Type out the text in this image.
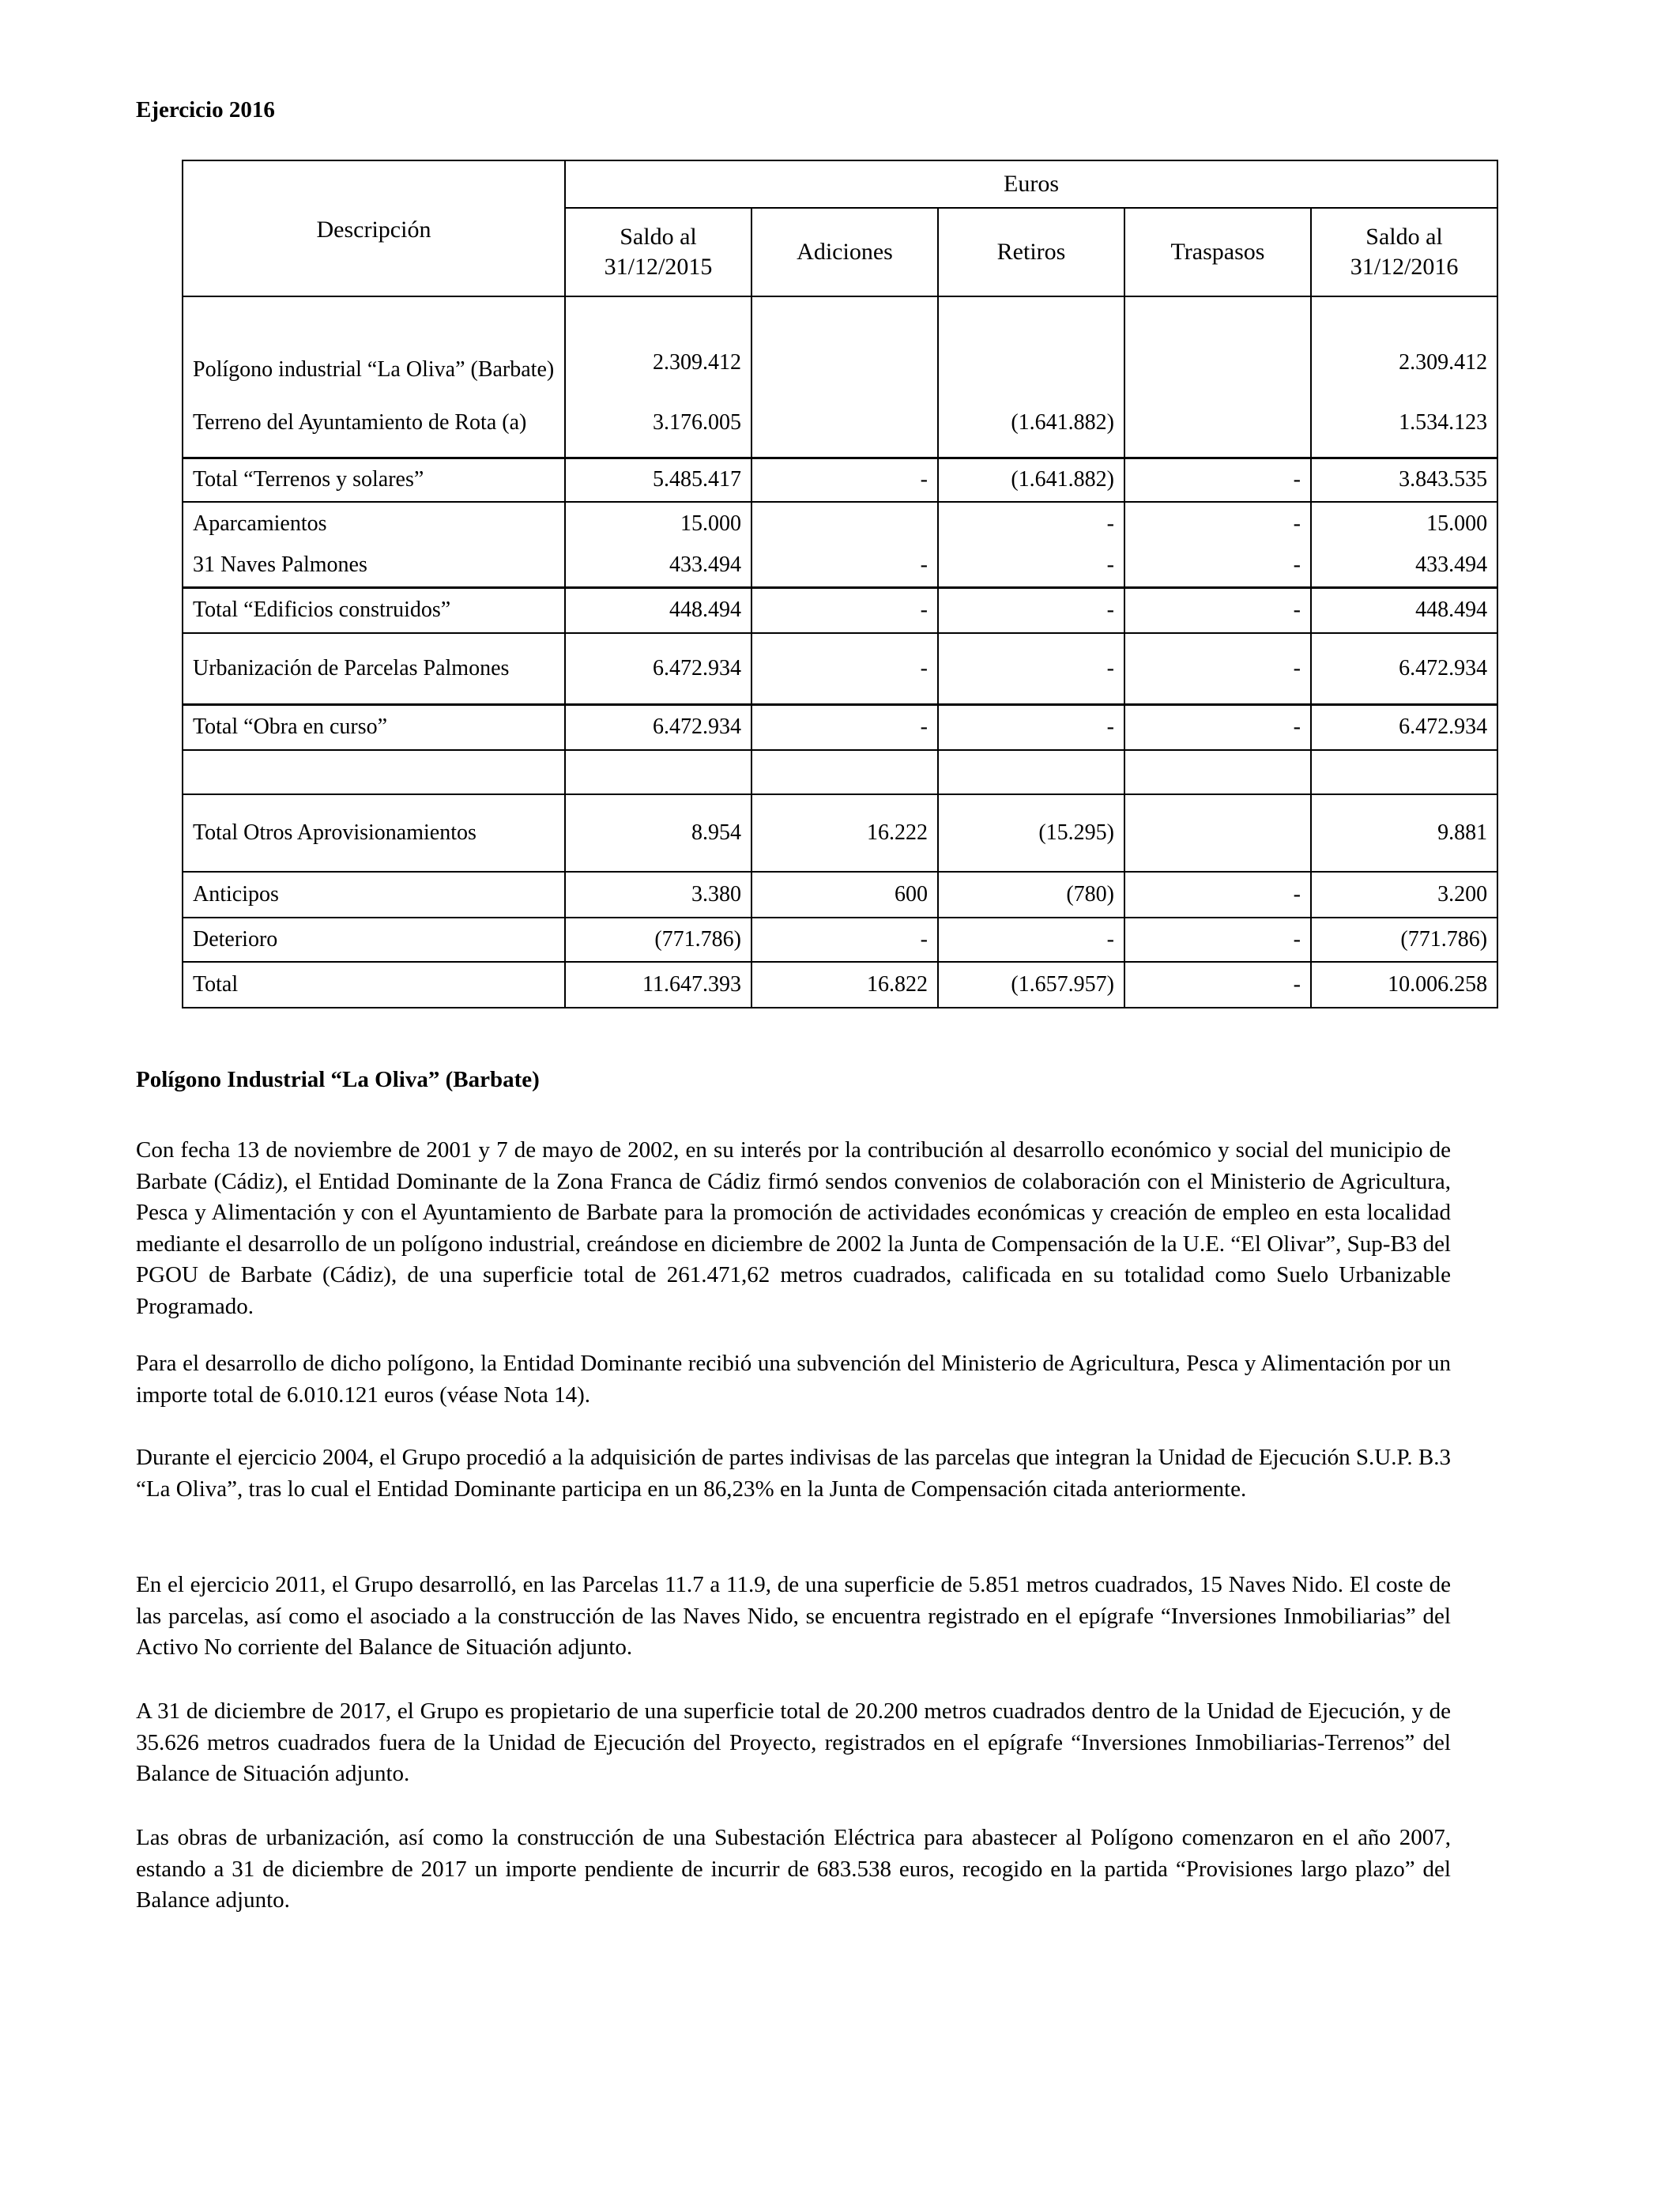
Ejercicio 2016
Descripción	Euros				
	Saldo al 31/12/2015	Adiciones	Retiros	Traspasos	Saldo al 31/12/2016
Polígono industrial “La Oliva” (Barbate)	2.309.412				2.309.412
Terreno del Ayuntamiento de Rota (a)	3.176.005		(1.641.882)		1.534.123
Total “Terrenos y solares”	5.485.417	-	(1.641.882)	-	3.843.535
Aparcamientos	15.000		-	-	15.000
31 Naves Palmones	433.494	-	-	-	433.494
Total “Edificios construidos”	448.494	-	-	-	448.494
Urbanización de Parcelas Palmones	6.472.934	-	-	-	6.472.934
Total “Obra en curso”	6.472.934	-	-	-	6.472.934

Total Otros Aprovisionamientos	8.954	16.222	(15.295)		9.881
Anticipos	3.380	600	(780)	-	3.200
Deterioro	(771.786)	-	-	-	(771.786)
Total	11.647.393	16.822	(1.657.957)	-	10.006.258
Polígono Industrial “La Oliva” (Barbate)

Con fecha 13 de noviembre de 2001 y 7 de mayo de 2002, en su interés por la contribución al desarrollo económico y social del municipio de Barbate (Cádiz), el Entidad Dominante de la Zona Franca de Cádiz firmó sendos convenios de colaboración con el Ministerio de Agricultura, Pesca y Alimentación y con el Ayuntamiento de Barbate para la promoción de actividades económicas y creación de empleo en esta localidad mediante el desarrollo de un polígono industrial, creándose en diciembre de 2002 la Junta de Compensación de la U.E. “El Olivar”, Sup-B3 del PGOU de Barbate (Cádiz), de una superficie total de 261.471,62 metros cuadrados, calificada en su totalidad como Suelo Urbanizable Programado.

Para el desarrollo de dicho polígono, la Entidad Dominante recibió una subvención del Ministerio de Agricultura, Pesca y Alimentación por un importe total de 6.010.121 euros (véase Nota 14).

Durante el ejercicio 2004, el Grupo procedió a la adquisición de partes indivisas de las parcelas que integran la Unidad de Ejecución S.U.P. B.3 “La Oliva”, tras lo cual el Entidad Dominante participa en un 86,23% en la Junta de Compensación citada anteriormente.

En el ejercicio 2011, el Grupo desarrolló, en las Parcelas 11.7 a 11.9, de una superficie de 5.851 metros cuadrados, 15 Naves Nido. El coste de las parcelas, así como el asociado a la construcción de las Naves Nido, se encuentra registrado en el epígrafe “Inversiones Inmobiliarias” del Activo No corriente del Balance de Situación adjunto.

A 31 de diciembre de 2017, el Grupo es propietario de una superficie total de 20.200 metros cuadrados dentro de la Unidad de Ejecución, y de 35.626 metros cuadrados fuera de la Unidad de Ejecución del Proyecto, registrados en el epígrafe “Inversiones Inmobiliarias-Terrenos” del Balance de Situación adjunto.

Las obras de urbanización, así como la construcción de una Subestación Eléctrica para abastecer al Polígono comenzaron en el año 2007, estando a 31 de diciembre de 2017 un importe pendiente de incurrir de 683.538 euros, recogido en la partida “Provisiones largo plazo” del Balance adjunto.
